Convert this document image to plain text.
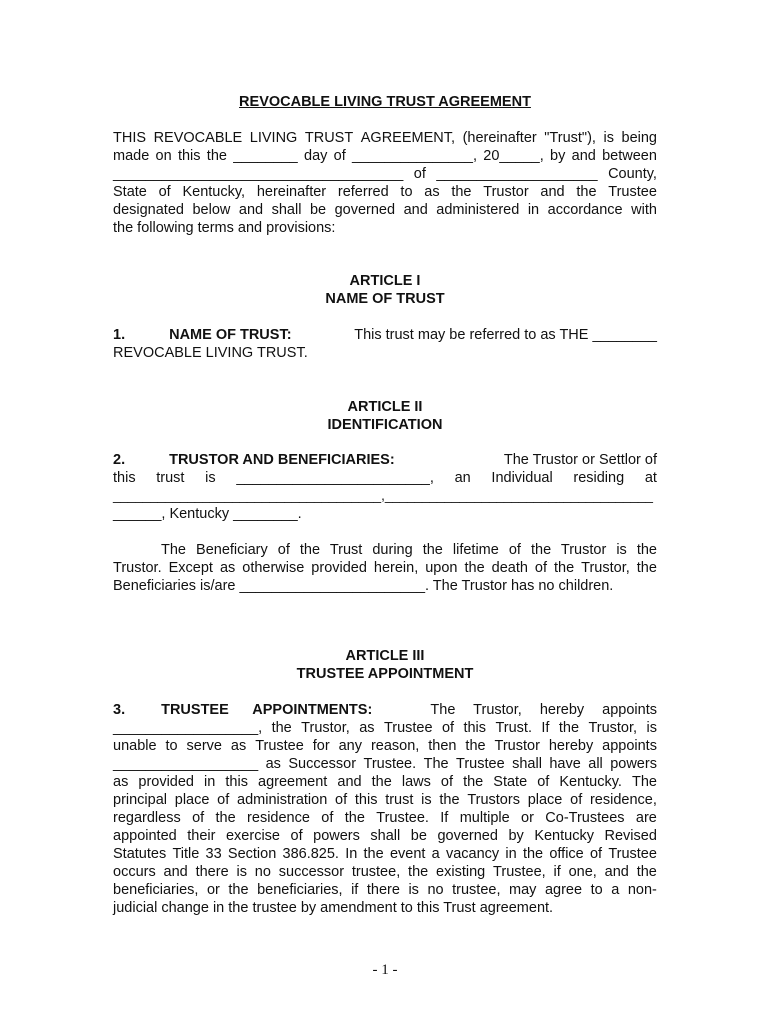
REVOCABLE LIVING TRUST AGREEMENT
THIS REVOCABLE LIVING TRUST AGREEMENT, (hereinafter "Trust"), is being
made on this the ________ day of _______________, 20_____, by and between
____________________________________ of ____________________ County,
State of Kentucky, hereinafter referred to as the Trustor and the Trustee
designated below and shall be governed and administered in accordance with
the following terms and provisions:
ARTICLE I
NAME OF TRUST
1.	NAME OF TRUST:	This trust may be referred to as THE ________
REVOCABLE LIVING TRUST.
ARTICLE II
IDENTIFICATION
2.	TRUSTOR AND BENEFICIARIES:	The Trustor or Settlor of
this trust is ________________________, an Individual residing at
____________________________________,____________________________________
______, Kentucky ________.
The Beneficiary of the Trust during the lifetime of the Trustor is the
Trustor. Except as otherwise provided herein, upon the death of the Trustor, the
Beneficiaries is/are _______________________. The Trustor has no children.
ARTICLE III
TRUSTEE APPOINTMENT
3. TRUSTEE APPOINTMENTS:	The Trustor, hereby appoints
__________________, the Trustor, as Trustee of this Trust. If the Trustor, is
unable to serve as Trustee for any reason, then the Trustor hereby appoints
__________________ as Successor Trustee. The Trustee shall have all powers
as provided in this agreement and the laws of the State of Kentucky. The
principal place of administration of this trust is the Trustors place of residence,
regardless of the residence of the Trustee. If multiple or Co-Trustees are
appointed their exercise of powers shall be governed by Kentucky Revised
Statutes Title 33 Section 386.825. In the event a vacancy in the office of Trustee
occurs and there is no successor trustee, the existing Trustee, if one, and the
beneficiaries, or the beneficiaries, if there is no trustee, may agree to a non-
judicial change in the trustee by amendment to this Trust agreement.
- 1 -
